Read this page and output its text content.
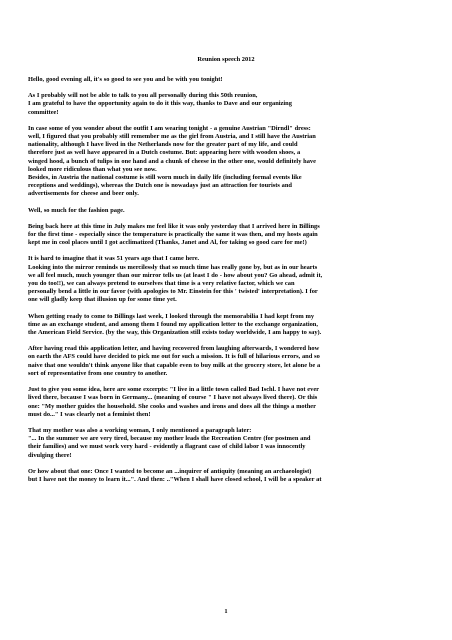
Reunion speech 2012
Hello, good evening all, it's so good to see you and be with you tonight!
As I probably will not be able to talk to you all personally during this 50th reunion,
I am grateful to have the opportunity again to do it this way, thanks to Dave and our organizing
committee!
In case some of you wonder about the outfit I am wearing tonight - a genuine Austrian "Dirndl" dress:
well, I figured that you probably still remember me as the girl from Austria, and I still have the Austrian
nationality, although I have lived in the Netherlands now for the greater part of my life, and could
therefore just as well have appeared in a Dutch costume. But: appearing here with wooden shoes, a
winged hood, a bunch of tulips in one hand and a chunk of cheese in the other one, would definitely have
looked more ridiculous than what you see now.
Besides, in Austria the national costume is still worn much in daily life (including formal events like
receptions and weddings), whereas the Dutch one is nowadays just an attraction for tourists and
advertisements for cheese and beer only.
Well, so much for the fashion page.
Being back here at this time in July makes me feel like it was only yesterday that I arrived here in Billings
for the first time - especially since the temperature is practically the same it was then, and my hosts again
kept me in cool places until I got acclimatized (Thanks, Janet and Al, for taking so good care for me!)
It is hard to imagine that it was 51 years ago that I came here.
Looking into the mirror reminds us mercilessly that so much time has really gone by, but as in our hearts
we all feel much, much younger than our mirror tells us (at least I do - how about you? Go ahead, admit it,
you do too!!), we can always pretend to ourselves that time is a very relative factor, which we can
personally bend a little in our favor (with apologies to Mr. Einstein for this ' twisted' interpretation). I for
one will gladly keep that illusion up for some time yet.
When getting ready to come to Billings last week, I looked through the memorabilia I had kept from my
time as an exchange student, and among them I found my application letter to the exchange organization,
the American Field Service. (by the way, this Organization still exists today worldwide, I am happy to say).
After having read this application letter, and having recovered from laughing afterwards, I wondered how
on earth the AFS could have decided to pick me out for such a mission. It is full of hilarious errors, and so
naive that one wouldn't think anyone like that capable even to buy milk at the grocery store, let alone be a
sort of representative from one country to another.
Just to give you some idea, here are some excerpts: "I live in a little town called Bad Ischl. I have not ever
lived there, because I was born in Germany... (meaning of course " I have not always lived there). Or this
one: "My mother guides the household. She cooks and washes and irons and does all the things a mother
must do..." I was clearly not a feminist then!
That my mother was also a working woman, I only mentioned a paragraph later:
"... In the summer we are very tired, because my mother leads the Recreation Centre (for postmen and
their families) and we must work very hard - evidently a flagrant case of child labor I was innocently
divulging there!
Or how about that one: Once I wanted to become an ...inquirer of antiquity (meaning an archaeologist)
but I have not the money to learn it...". And then: .."When I shall have closed school, I will be a speaker at
1
